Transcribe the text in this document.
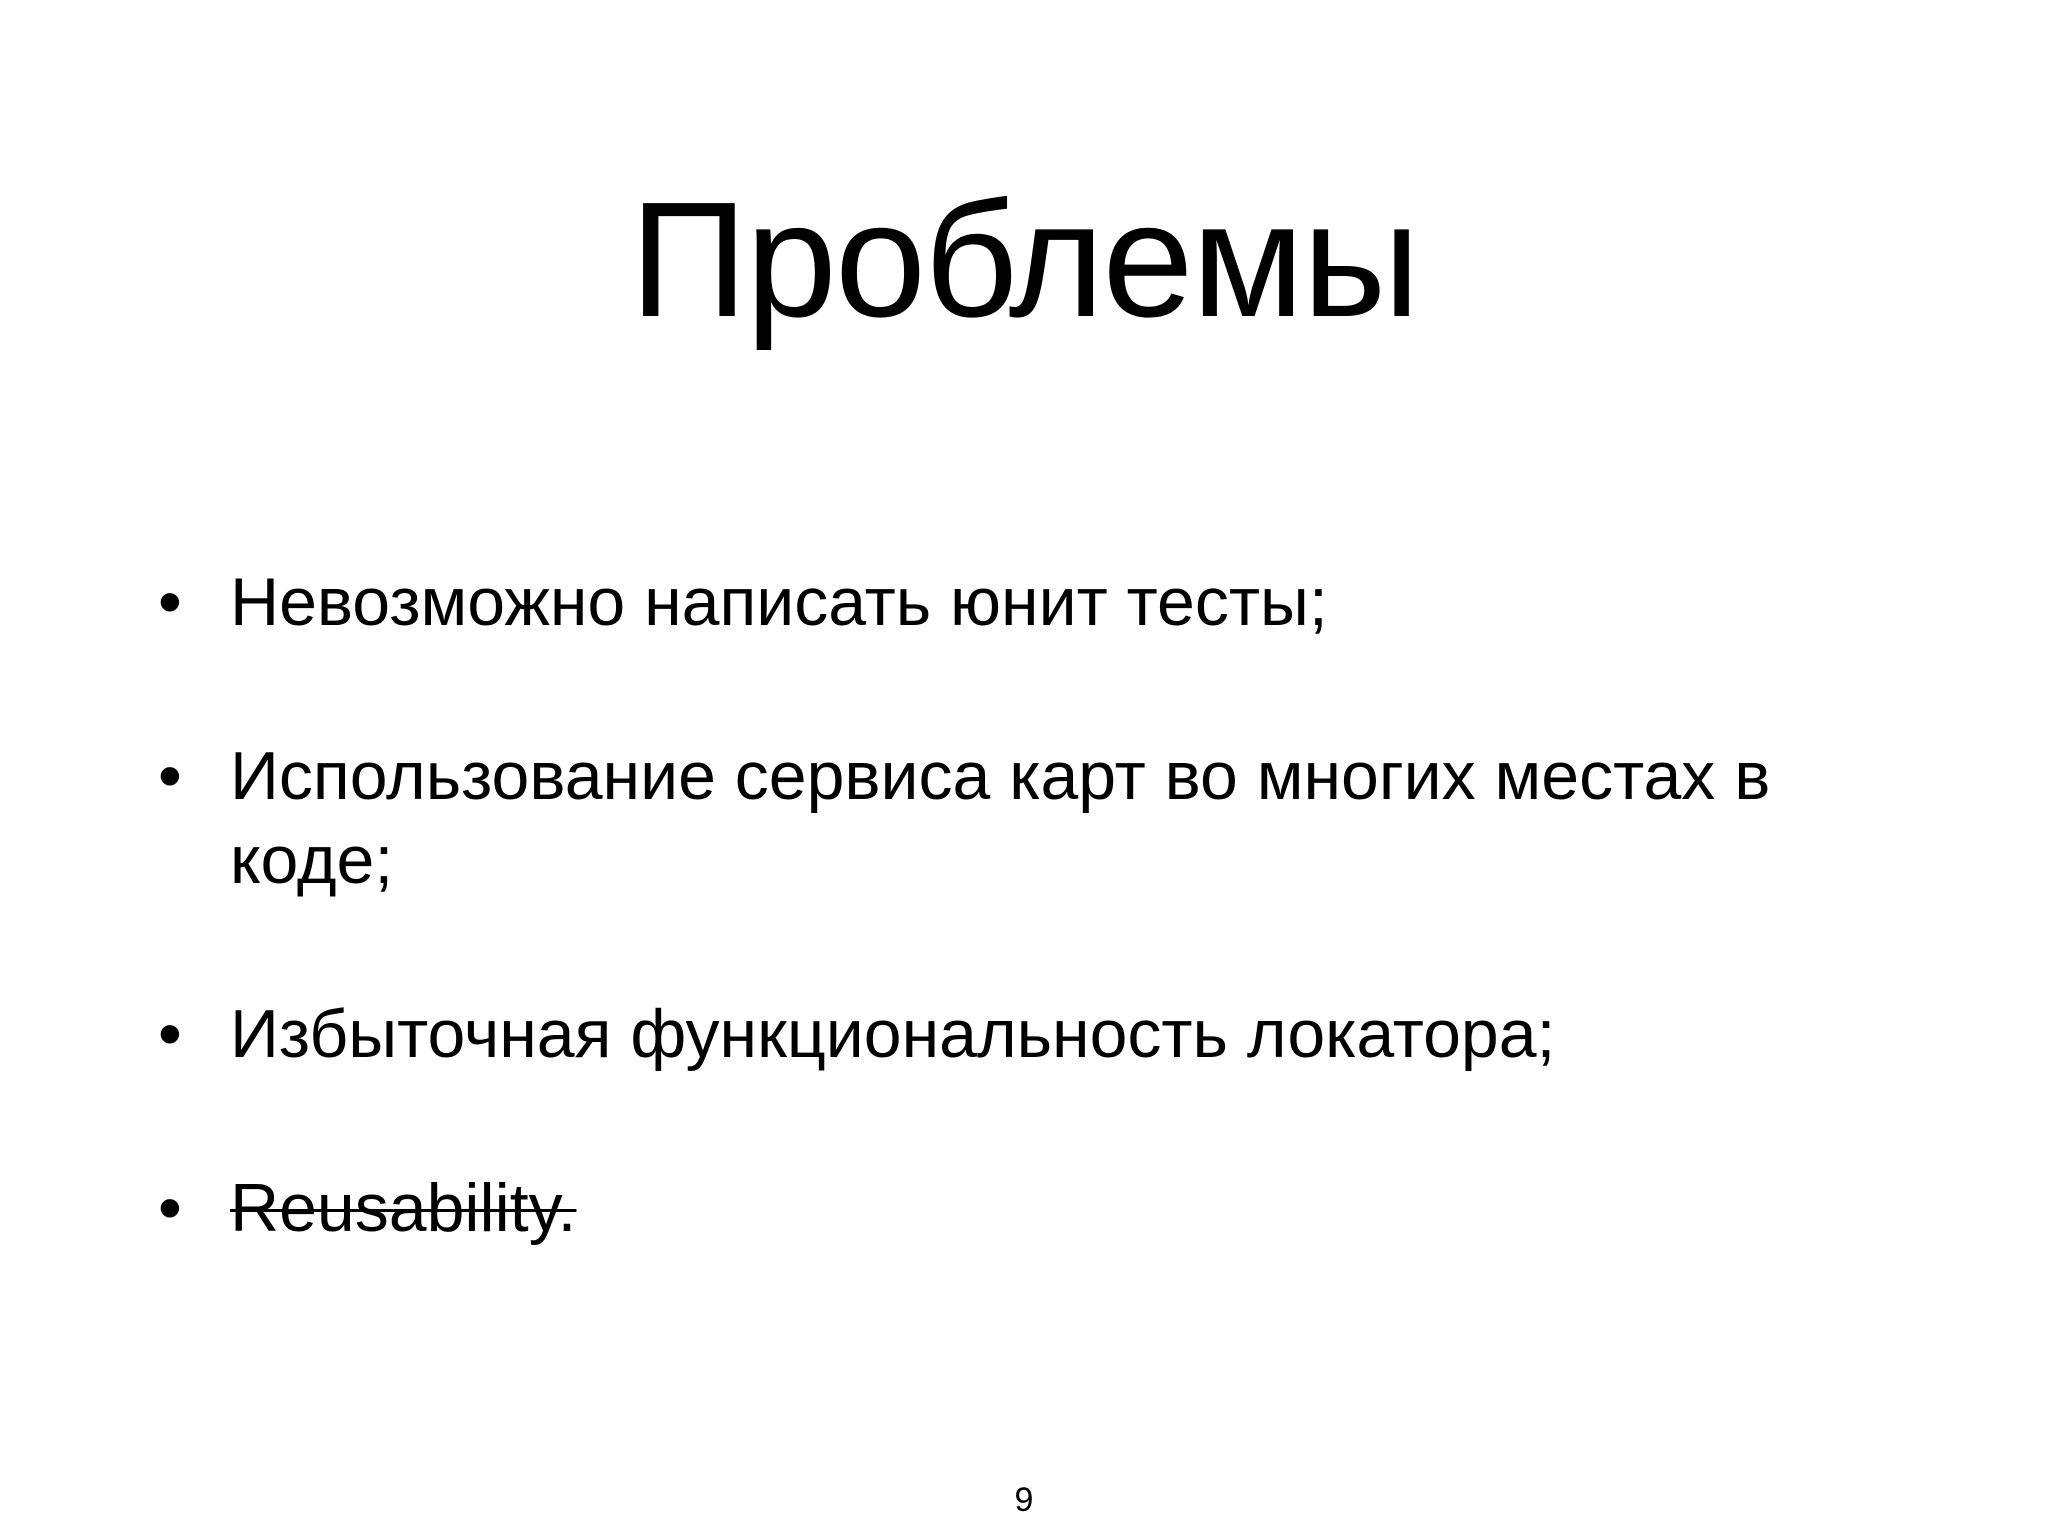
Проблемы
• Невозможно написать юнит тесты;
• Использование сервиса карт во многих местах в коде;
• Избыточная функциональность локатора;
• Reusability.
9
